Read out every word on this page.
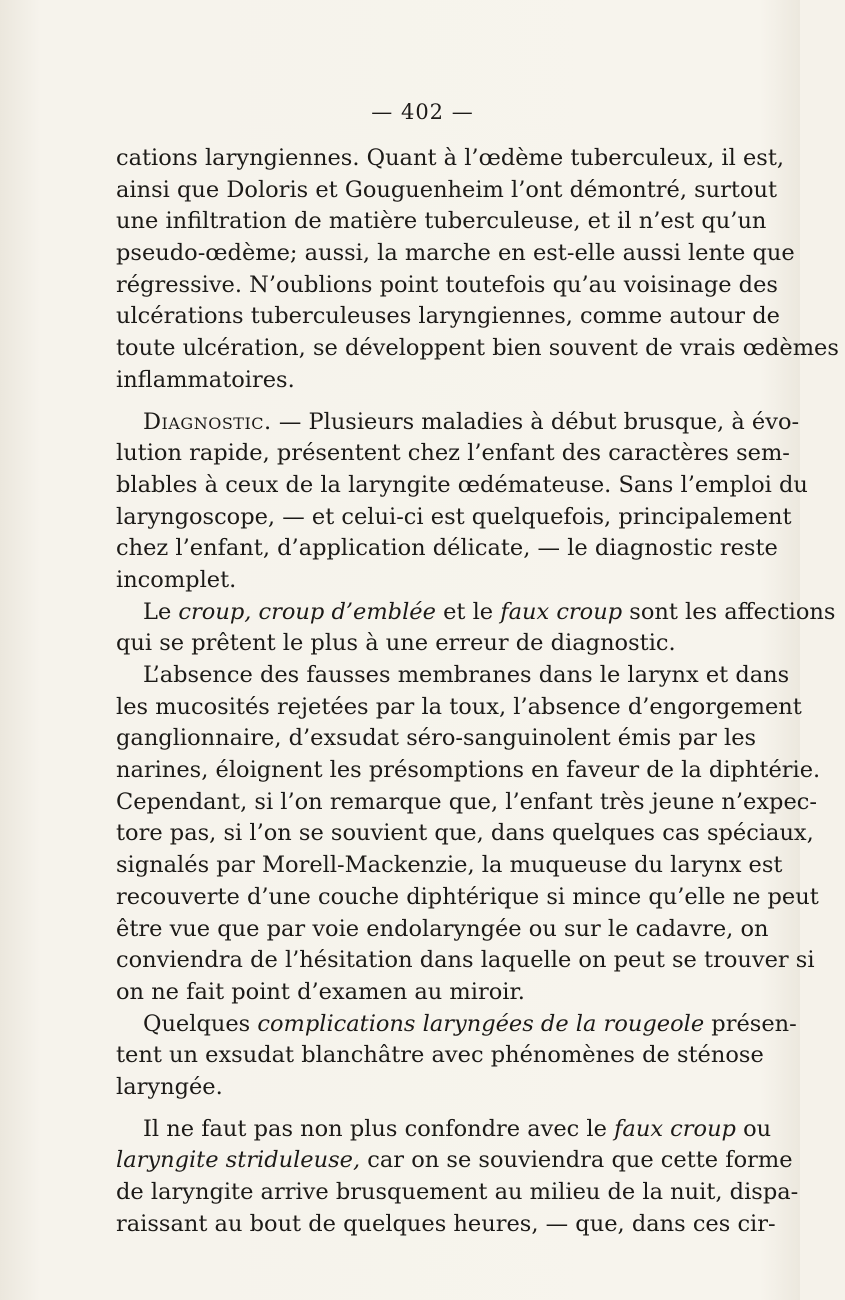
— 402 —
cations laryngiennes. Quant à l’œdème tuberculeux, il est,
ainsi que Doloris et Gouguenheim l’ont démontré, surtout
une infiltration de matière tuberculeuse, et il n’est qu’un
pseudo-œdème; aussi, la marche en est-elle aussi lente que
régressive. N’oublions point toutefois qu’au voisinage des
ulcérations tuberculeuses laryngiennes, comme autour de
toute ulcération, se développent bien souvent de vrais œdèmes
inflammatoires.
Diagnostic. — Plusieurs maladies à début brusque, à évo-
lution rapide, présentent chez l’enfant des caractères sem-
blables à ceux de la laryngite œdémateuse. Sans l’emploi du
laryngoscope, — et celui-ci est quelquefois, principalement
chez l’enfant, d’application délicate, — le diagnostic reste
incomplet.
Le croup, croup d’emblée et le faux croup sont les affections
qui se prêtent le plus à une erreur de diagnostic.
L’absence des fausses membranes dans le larynx et dans
les mucosités rejetées par la toux, l’absence d’engorgement
ganglionnaire, d’exsudat séro-sanguinolent émis par les
narines, éloignent les présomptions en faveur de la diphtérie.
Cependant, si l’on remarque que, l’enfant très jeune n’expec-
tore pas, si l’on se souvient que, dans quelques cas spéciaux,
signalés par Morell-Mackenzie, la muqueuse du larynx est
recouverte d’une couche diphtérique si mince qu’elle ne peut
être vue que par voie endolaryngée ou sur le cadavre, on
conviendra de l’hésitation dans laquelle on peut se trouver si
on ne fait point d’examen au miroir.
Quelques complications laryngées de la rougeole présen-
tent un exsudat blanchâtre avec phénomènes de sténose
laryngée.
Il ne faut pas non plus confondre avec le faux croup ou
laryngite striduleuse, car on se souviendra que cette forme
de laryngite arrive brusquement au milieu de la nuit, dispa-
raissant au bout de quelques heures, — que, dans ces cir-
